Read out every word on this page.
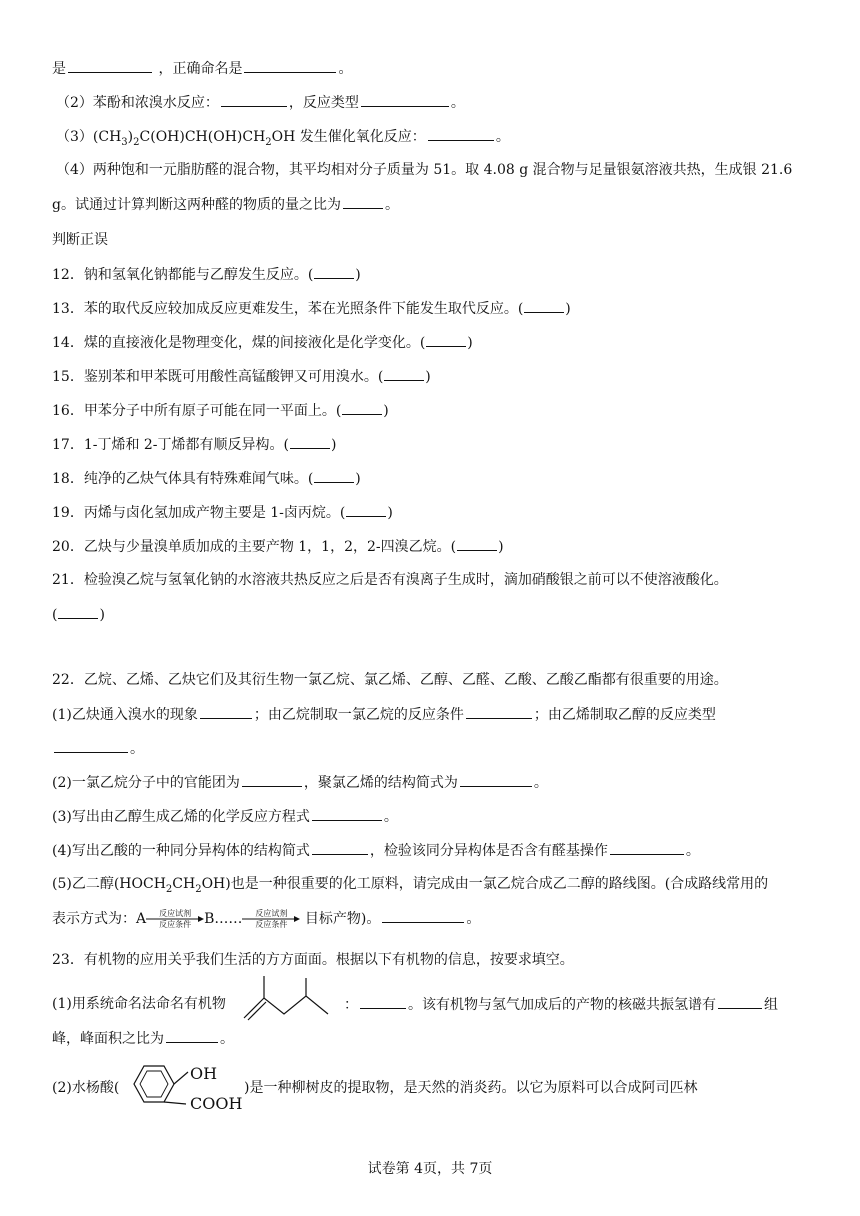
是	，正确命名是	。
（2）苯酚和浓溴水反应：	，反应类型	。
$(3)(CH_3)_2C(OH)CH(OH)CH_2OH$ 发生催化氧化反应：	。
（4）两种饱和一元脂肪醛的混合物，其平均相对分子质量为 51。取 4.08 g 混合物与足量银氨溶液共热，生成银 21.6
g。试通过计算判断这两种醛的物质的量之比为	。
判断正误
12．钠和氢氧化钠都能与乙醇发生反应。(	)
13．苯的取代反应较加成反应更难发生，苯在光照条件下能发生取代反应。(	)
14．煤的直接液化是物理变化，煤的间接液化是化学变化。(	)
15．鉴别苯和甲苯既可用酸性高锰酸钾又可用溴水。(	)
16．甲苯分子中所有原子可能在同一平面上。(	)
17．1-丁烯和 2-丁烯都有顺反异构。(	)
18．纯净的乙炔气体具有特殊难闻气味。(	)
19．丙烯与卤化氢加成产物主要是 1-卤丙烷。(	)
20．乙炔与少量溴单质加成的主要产物 1，1，2，2-四溴乙烷。(	)
21．检验溴乙烷与氢氧化钠的水溶液共热反应之后是否有溴离子生成时，滴加硝酸银之前可以不使溶液酸化。
(	)
22．乙烷、乙烯、乙炔它们及其衍生物一氯乙烷、氯乙烯、乙醇、乙醛、乙酸、乙酸乙酯都有很重要的用途。
(1)乙炔通入溴水的现象	；由乙烷制取一氯乙烷的反应条件	；由乙烯制取乙醇的反应类型
。
(2)一氯乙烷分子中的官能团为	，聚氯乙烯的结构简式为	。
(3)写出由乙醇生成乙烯的化学反应方程式	。
(4)写出乙酸的一种同分异构体的结构简式	，检验该同分异构体是否含有醛基操作	。
(5)乙二醇$(HOCH_2CH_2OH)$也是一种很重要的化工原料，请完成由一氯乙烷合成乙二醇的路线图。(合成路线常用的
表示方式为：A	反应试剂
反应条件 B……	反应试剂
反应条件	目标产物)。	。
23．有机物的应用关乎我们生活的方方面面。根据以下有机物的信息，按要求填空。
(1)用系统命名法命名有机物	：	。该有机物与氢气加成后的产物的核磁共振氢谱有	组
峰，峰面积之比为	。
(2)水杨酸(
OH
COOH
)是一种柳树皮的提取物，是天然的消炎药。以它为原料可以合成阿司匹林
试卷第 4页，共 7页
